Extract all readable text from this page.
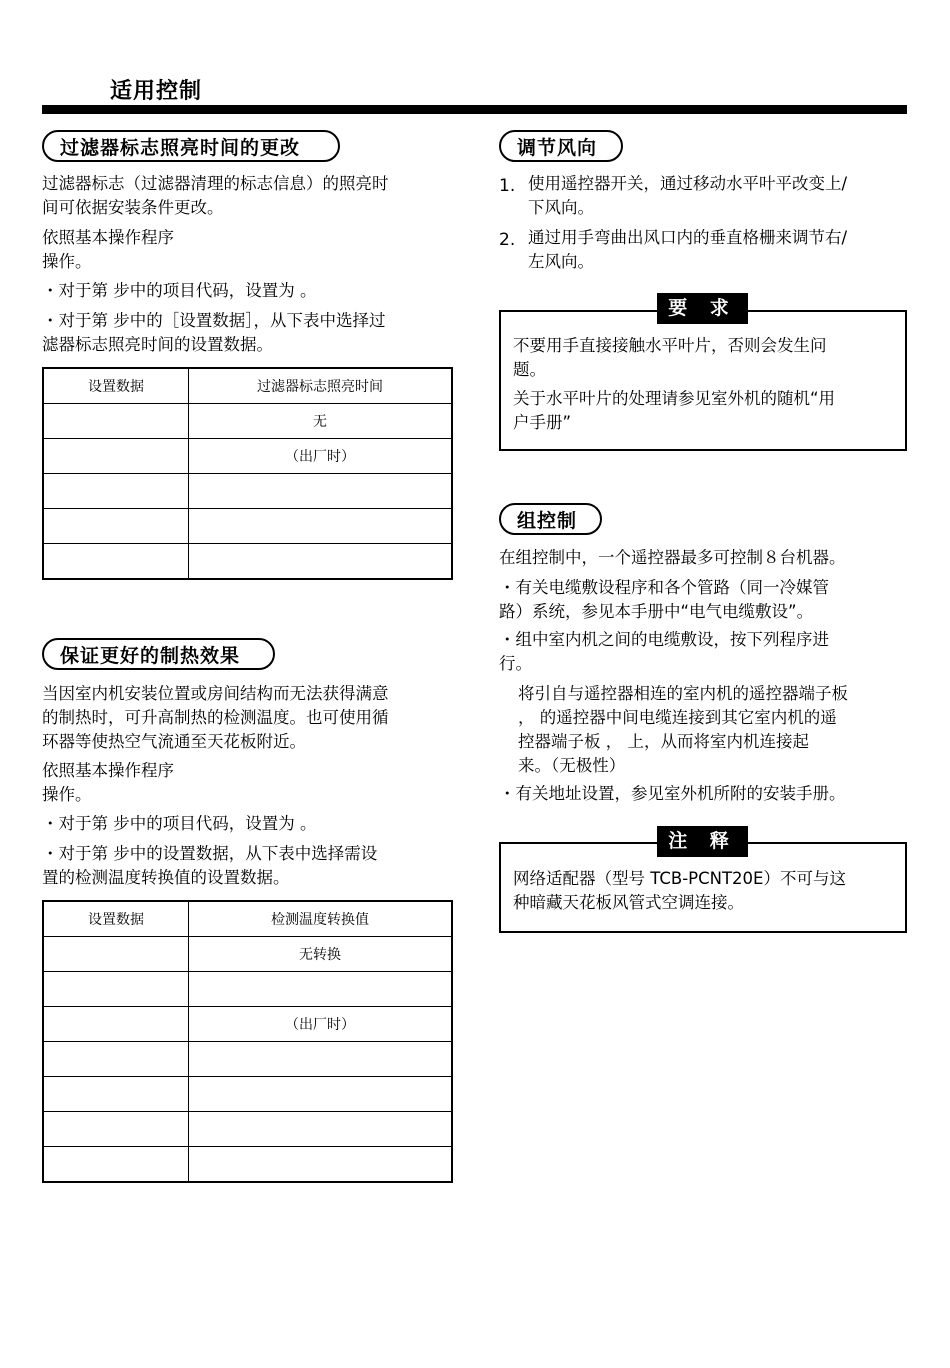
适用控制
过滤器标志照亮时间的更改
过滤器标志（过滤器清理的标志信息）的照亮时
间可依据安装条件更改。
依照基本操作程序
操作。
・对于第 步中的项目代码，设置为 。
・对于第 步中的［设置数据］，从下表中选择过
滤器标志照亮时间的设置数据。
设置数据	过滤器标志照亮时间
	无
	（出厂时）

保证更好的制热效果
当因室内机安装位置或房间结构而无法获得满意
的制热时，可升高制热的检测温度。也可使用循
环器等使热空气流通至天花板附近。
依照基本操作程序
操作。
・对于第 步中的项目代码，设置为 。
・对于第 步中的设置数据，从下表中选择需设
置的检测温度转换值的设置数据。
设置数据	检测温度转换值
	无转换

	（出厂时）

调节风向
1. 使用遥控器开关，通过移动水平叶平改变上/
下风向。
2. 通过用手弯曲出风口内的垂直格栅来调节右/
左风向。
要 求
不要用手直接接触水平叶片，否则会发生问
题。
关于水平叶片的处理请参见室外机的随机“用
户手册”
组控制
在组控制中，一个遥控器最多可控制８台机器。
・有关电缆敷设程序和各个管路（同一冷媒管
路）系统，参见本手册中“电气电缆敷设”。
・组中室内机之间的电缆敷设，按下列程序进
行。
将引自与遥控器相连的室内机的遥控器端子板
， 的遥控器中间电缆连接到其它室内机的遥
控器端子板 ， 上，从而将室内机连接起
来。（无极性）
・有关地址设置，参见室外机所附的安装手册。
注 释
网络适配器（型号 TCB-PCNT20E）不可与这
种暗藏天花板风管式空调连接。
